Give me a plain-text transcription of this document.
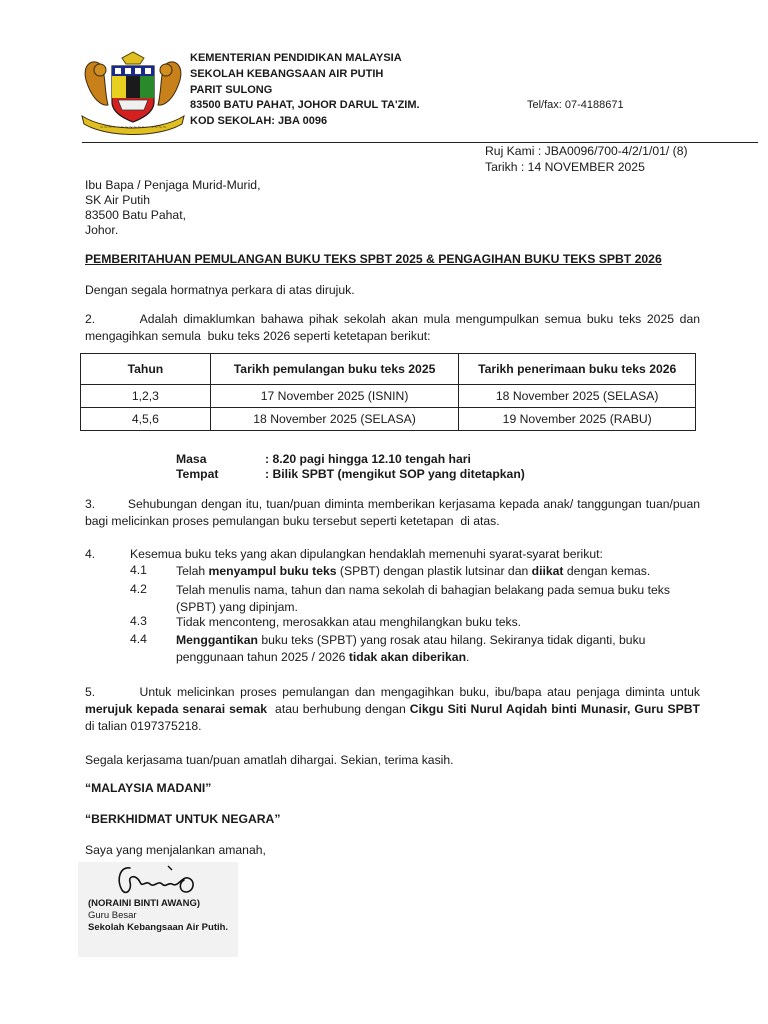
~~~~~~~~~~~~~~~~
KEMENTERIAN PENDIDIKAN MALAYSIA
SEKOLAH KEBANGSAAN AIR PUTIH
PARIT SULONG
83500 BATU PAHAT, JOHOR DARUL TA'ZIM.	Tel/fax: 07-4188671
KOD SEKOLAH: JBA 0096
Ruj Kami : JBA0096/700-4/2/1/01/ (8)
Tarikh : 14 NOVEMBER 2025
Ibu Bapa / Penjaga Murid-Murid,
SK Air Putih
83500 Batu Pahat,
Johor.
PEMBERITAHUAN PEMULANGAN BUKU TEKS SPBT 2025 & PENGAGIHAN BUKU TEKS SPBT 2026
Dengan segala hormatnya perkara di atas dirujuk.
2.        Adalah dimaklumkan bahawa pihak sekolah akan mula mengumpulkan semua buku teks 2025 dan mengagihkan semula  buku teks 2026 seperti ketetapan berikut:
Tahun	Tarikh pemulangan buku teks 2025	Tarikh penerimaan buku teks 2026
1,2,3	17 November 2025 (ISNIN)	18 November 2025 (SELASA)
4,5,6	18 November 2025 (SELASA)	19 November 2025 (RABU)
Masa	: 8.20 pagi hingga 12.10 tengah hari
Tempat	: Bilik SPBT (mengikut SOP yang ditetapkan)
3.        Sehubungan dengan itu, tuan/puan diminta memberikan kerjasama kepada anak/ tanggungan tuan/puan bagi melicinkan proses pemulangan buku tersebut seperti ketetapan  di atas.
4.	Kesemua buku teks yang akan dipulangkan hendaklah memenuhi syarat-syarat berikut:
4.1 Telah menyampul buku teks (SPBT) dengan plastik lutsinar dan diikat dengan kemas.
4.2 Telah menulis nama, tahun dan nama sekolah di bahagian belakang pada semua buku teks (SPBT) yang dipinjam.
4.3 Tidak menconteng, merosakkan atau menghilangkan buku teks.
4.4 Menggantikan buku teks (SPBT) yang rosak atau hilang. Sekiranya tidak diganti, buku penggunaan tahun 2025 / 2026 tidak akan diberikan.
5.        Untuk melicinkan proses pemulangan dan mengagihkan buku, ibu/bapa atau penjaga diminta untuk merujuk kepada senarai semak  atau berhubung dengan Cikgu Siti Nurul Aqidah binti Munasir, Guru SPBT  di talian 0197375218.
Segala kerjasama tuan/puan amatlah dihargai. Sekian, terima kasih.
“MALAYSIA MADANI”
“BERKHIDMAT UNTUK NEGARA”
Saya yang menjalankan amanah,
(NORAINI BINTI AWANG)
Guru Besar
Sekolah Kebangsaan Air Putih.
